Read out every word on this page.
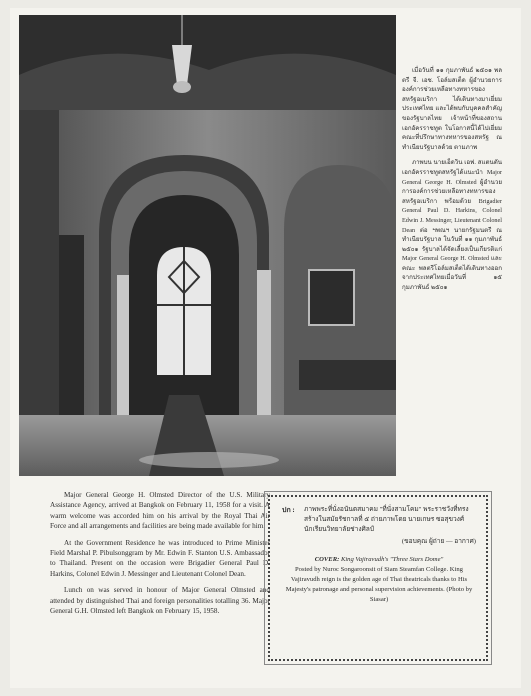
เมื่อวันที่ ๑๑ กุมภาพันธ์ ๒๕๐๑ พลตรี จี. เอช. โอล์มสเต็ด ผู้อำนวยการ องค์การช่วยเหลือทางทหารของสหรัฐอเมริกา ได้เดินทางมาเยี่ยมประเทศไทย และได้พบกับบุคคลสำคัญของรัฐบาลไทย เจ้าหน้าที่ของสถานเอกอัครราชทูต ในโอกาสนี้ได้ไปเยี่ยมคณะที่ปรึกษาทางทหารของสหรัฐ ณ ทำเนียบรัฐบาลด้วย ตามภาพ

ภาพบน นายเอ็ดวิน เอฟ. สแตนตัน เอกอัครราชทูตสหรัฐได้แนะนำ Major General George H. Olmsted ผู้อำนวยการองค์การช่วยเหลือทางทหารของสหรัฐอเมริกา พร้อมด้วย Brigadier General Paul D. Harkins, Colonel Edwin J. Messinger, Lieutenant Colonel Dean ต่อ ฯพณฯ นายกรัฐมนตรี ณ ทำเนียบรัฐบาล ในวันที่ ๑๑ กุมภาพันธ์ ๒๕๐๑ รัฐบาลได้จัดเลี้ยงเป็นเกียรติแก่ Major General George H. Olmsted และคณะ พลตรีโอล์มสเต็ดได้เดินทางออกจากประเทศไทยเมื่อวันที่ ๑๕ กุมภาพันธ์ ๒๕๐๑

Major General George H. Olmsted Director of the U.S. Military Assistance Agency, arrived at Bangkok on February 11, 1958 for a visit. A warm welcome was accorded him on his arrival by the Royal Thai Air Force and all arrangements and facilities are being made available for him.

At the Government Residence he was introduced to Prime Minister Field Marshal P. Pibulsonggram by Mr. Edwin F. Stanton U.S. Ambassador to Thailand. Present on the occasion were Brigadier General Paul D. Harkins, Colonel Edwin J. Messinger and Lieutenant Colonel Dean.

Lunch on was served in honour of Major General Olmsted and attended by distinguished Thai and foreign personalities totalling 36. Major General G.H. Olmsted left Bangkok on February 15, 1958.

ปก :	ภาพพระที่นั่งอนันตสมาคม "ที่นั่งสามโคม" พระราชวังที่ทรงสร้างในสมัยรัชกาลที่ ๕ ถ่ายภาพโดย นายเกษร ซอสุขวงศ์ นักเรียนวิทยาลัยช่างศิลป์
(ขอบคุณ ผู้ถ่าย — อากาศ)
COVER: King Vajiravudh's "Three Stars Dome"
Posted by Nuroc Songaroonsit of Siam Steamfan College. King Vajiravudh reign is the golden age of Thai theatricals thanks to His Majesty's patronage and personal supervision achievements. (Photo by Siasar)
